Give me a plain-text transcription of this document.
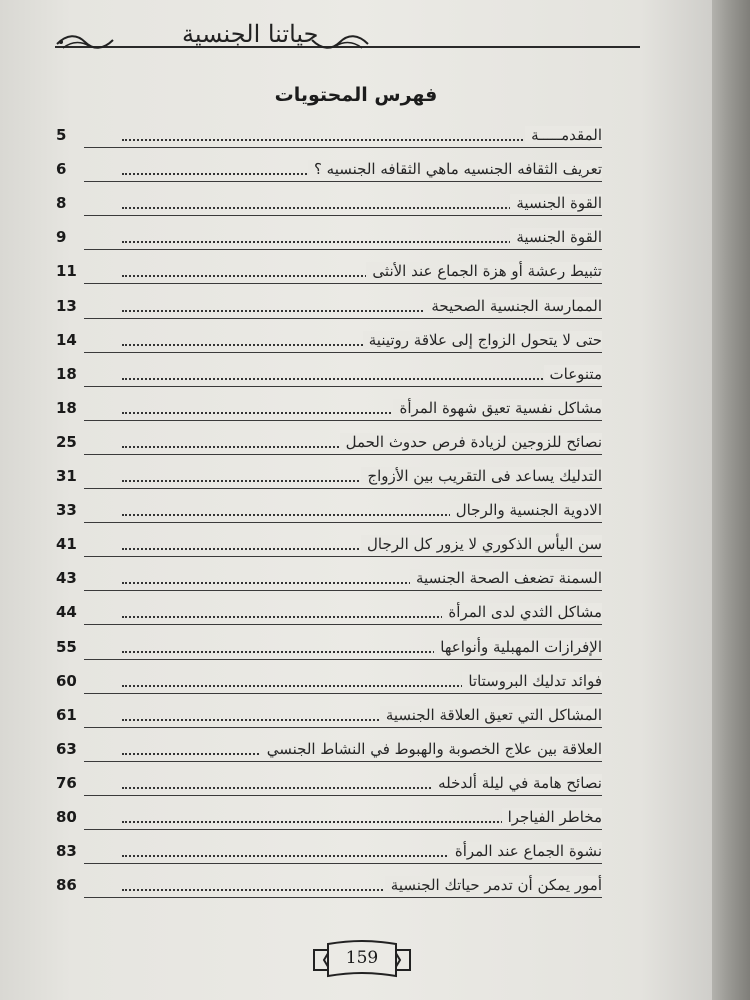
حياتنا الجنسية
فهرس المحتويات
المقدمـــــة
5
تعريف الثقافه الجنسيه ماهي الثقافه الجنسيه ؟
6
القوة الجنسية
8
القوة الجنسية
9
تثبيط رعشة أو هزة الجماع عند الأنثى
11
الممارسة الجنسية الصحيحة
13
حتى لا يتحول الزواج إلى علاقة روتينية
14
متنوعات
18
مشاكل نفسية تعيق شهوة المرأة
18
نصائح للزوجين لزيادة فرص حدوث الحمل
25
التدليك يساعد فى التقريب بين الأزواج
31
الادوية الجنسية والرجال
33
سن اليأس الذكوري لا يزور كل الرجال
41
السمنة تضعف الصحة الجنسية
43
مشاكل الثدي لدى المرأة
44
الإفرازات المهبلية وأنواعها
55
فوائد تدليك البروستاتا
60
المشاكل التي تعيق العلاقة الجنسية
61
العلاقة بين علاج الخصوبة والهبوط في النشاط الجنسي
63
نصائح هامة في ليلة ألدخله
76
مخاطر الفياجرا
80
نشوة الجماع عند المرأة
83
أمور يمكن أن تدمر حياتك الجنسية
86
159
